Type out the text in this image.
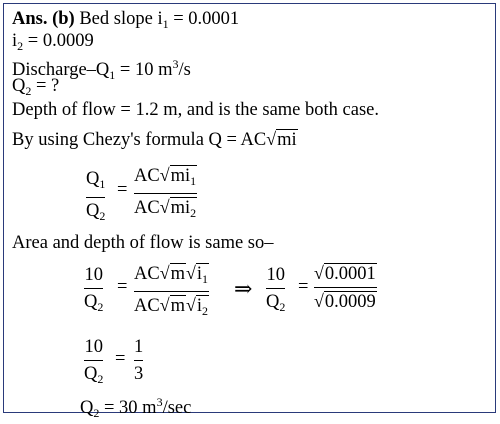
Ans. (b) Bed slope $i_1 = 0.0001$
$i_2 = 0.0009$
Discharge–$Q_1 = 10$ $m^3/s$
$Q_2$ = ?
Depth of flow = 1.2 m, and is the same both case.
By using Chezy's formula Q = AC√mi
$Q_1$
$Q_2$
=
$AC√mi_1$
$AC√mi_2$
Area and depth of flow is same so–
10
$Q_2$
=
$AC√m√i_1$
$AC√m√i_2$
⇒
10
$Q_2$
=
√0.0001
√0.0009
10
$Q_2$
=
1
3
$Q_2 = 30$ $m^3/\sec$
